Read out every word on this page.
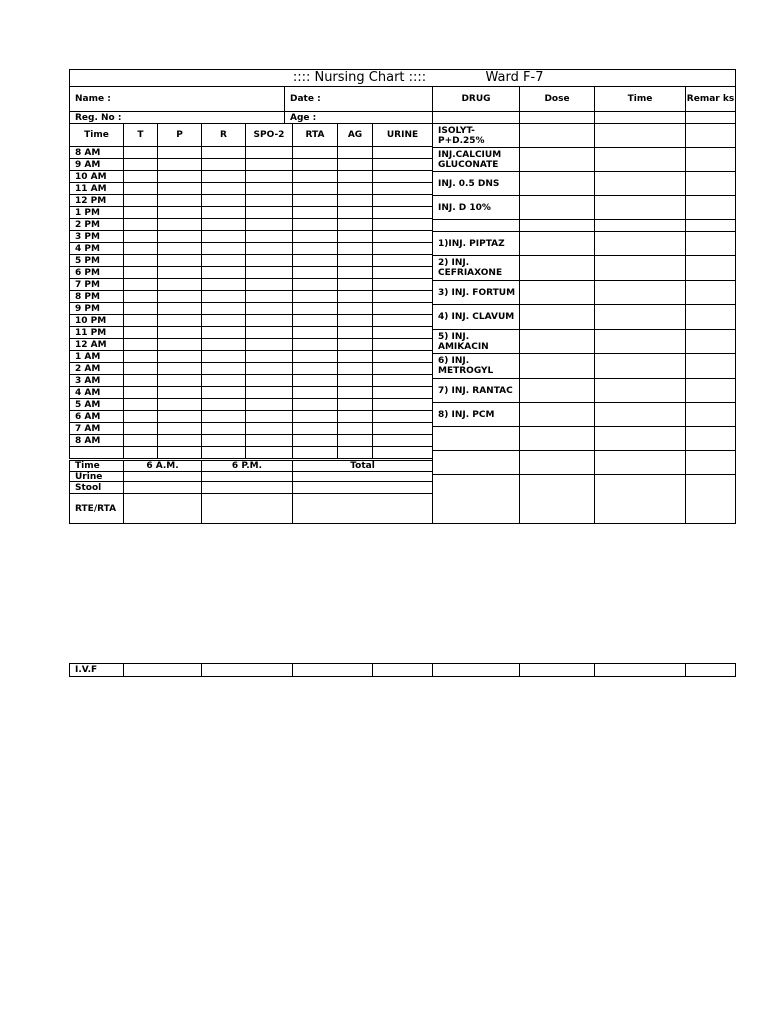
:::: Nursing Chart ::::	Ward F-7
Name :	Date :
Reg. No :	Age :
Time	T	P	R	SPO-2	RTA	AG	URINE
8 AM
9 AM
10 AM
11 AM
12 PM
1 PM
2 PM
3 PM
4 PM
5 PM
6 PM
7 PM
8 PM
9 PM
10 PM
11 PM
12 AM
1 AM
2 AM
3 AM
4 AM
5 AM
6 AM
7 AM
8 AM
Time	6 A.M.	6 P.M.	Total
Urine
Stool
RTE/RTA
DRUG	Dose	Time	Remar ks
ISOLYT-P+D.25%
INJ.CALCIUM GLUCONATE
INJ. 0.5 DNS
INJ. D 10%
1)INJ. PIPTAZ
2) INJ. CEFRIAXONE
3) INJ. FORTUM
4) INJ. CLAVUM
5) INJ. AMIKACIN
6) INJ. METROGYL
7) INJ. RANTAC
8) INJ. PCM
I.V.F
